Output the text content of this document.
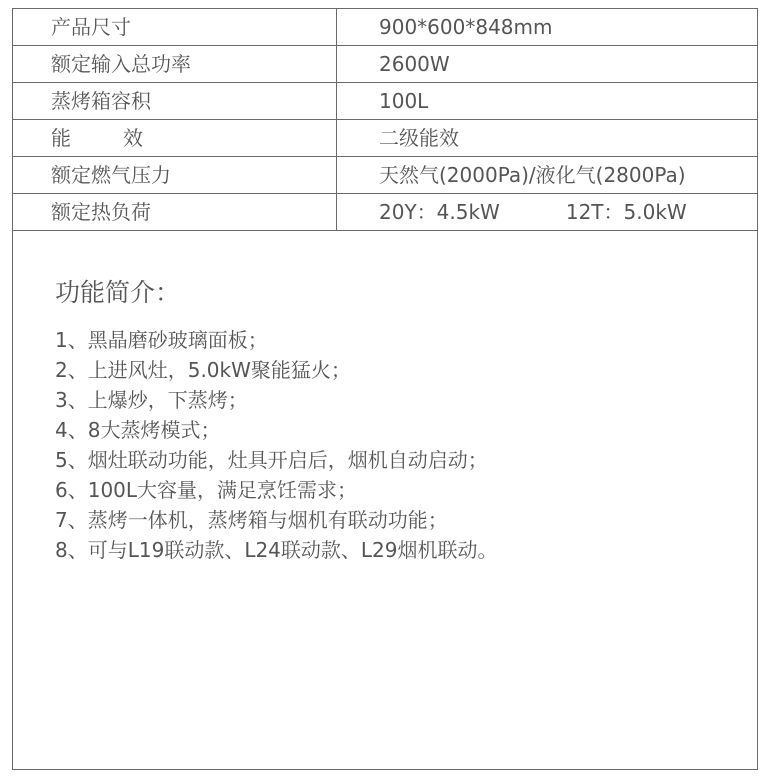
产品尺寸	900*600*848mm
额定输入总功率	2600W
蒸烤箱容积	100L
能 效	二级能效
额定燃气压力	天然气(2000Pa)/液化气(2800Pa)
额定热负荷	20Y：4.5kW 12T：5.0kW
功能简介：
1、黑晶磨砂玻璃面板；
2、上进风灶，5.0kW聚能猛火；
3、上爆炒，下蒸烤；
4、8大蒸烤模式；
5、烟灶联动功能，灶具开启后，烟机自动启动；
6、100L大容量，满足烹饪需求；
7、蒸烤一体机，蒸烤箱与烟机有联动功能；
8、可与L19联动款、L24联动款、L29烟机联动。
